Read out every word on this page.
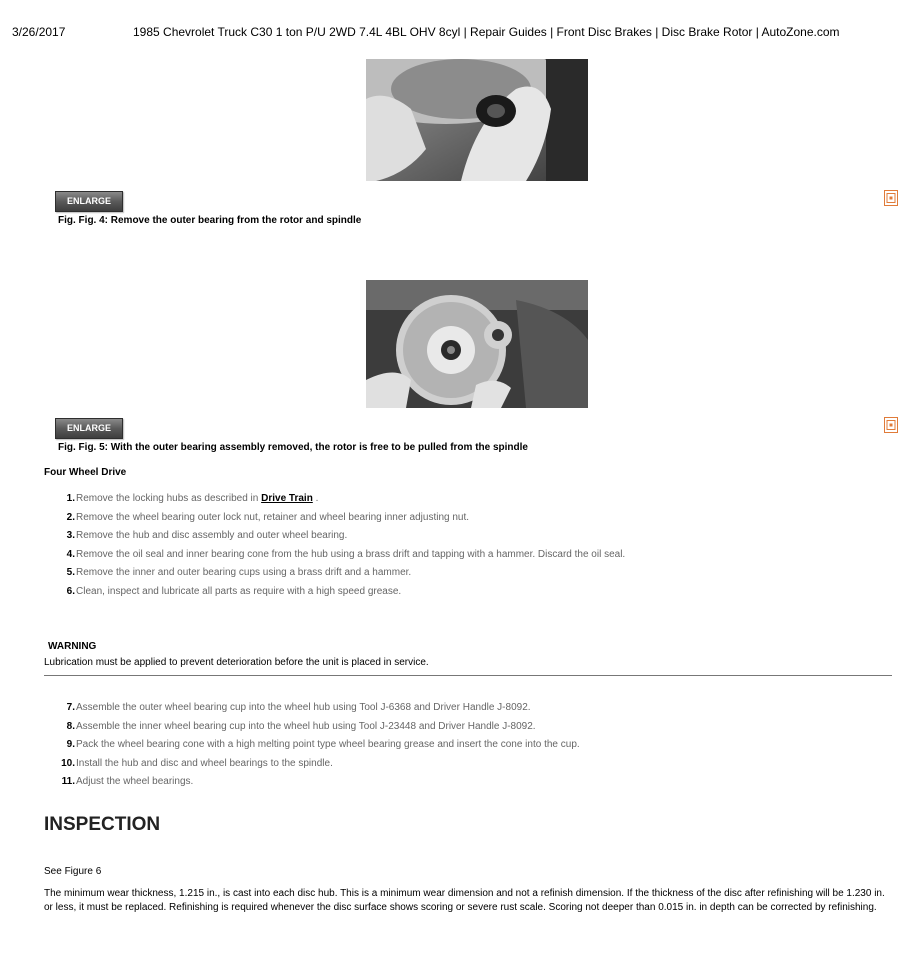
3/26/2017	1985 Chevrolet Truck C30 1 ton P/U 2WD 7.4L 4BL OHV 8cyl | Repair Guides | Front Disc Brakes | Disc Brake Rotor | AutoZone.com
ENLARGE
Fig. Fig. 4: Remove the outer bearing from the rotor and spindle
ENLARGE
Fig. Fig. 5: With the outer bearing assembly removed, the rotor is free to be pulled from the spindle
Four Wheel Drive
1. Remove the locking hubs as described in Drive Train .
2. Remove the wheel bearing outer lock nut, retainer and wheel bearing inner adjusting nut.
3. Remove the hub and disc assembly and outer wheel bearing.
4. Remove the oil seal and inner bearing cone from the hub using a brass drift and tapping with a hammer. Discard the oil seal.
5. Remove the inner and outer bearing cups using a brass drift and a hammer.
6. Clean, inspect and lubricate all parts as require with a high speed grease.
WARNING
Lubrication must be applied to prevent deterioration before the unit is placed in service.
7. Assemble the outer wheel bearing cup into the wheel hub using Tool J-6368 and Driver Handle J-8092.
8. Assemble the inner wheel bearing cup into the wheel hub using Tool J-23448 and Driver Handle J-8092.
9. Pack the wheel bearing cone with a high melting point type wheel bearing grease and insert the cone into the cup.
10. Install the hub and disc and wheel bearings to the spindle.
11. Adjust the wheel bearings.
INSPECTION
See Figure 6
The minimum wear thickness, 1.215 in., is cast into each disc hub. This is a minimum wear dimension and not a refinish dimension. If the thickness of the disc after refinishing will be 1.230 in. or less, it must be replaced. Refinishing is required whenever the disc surface shows scoring or severe rust scale. Scoring not deeper than 0.015 in. in depth can be corrected by refinishing.
